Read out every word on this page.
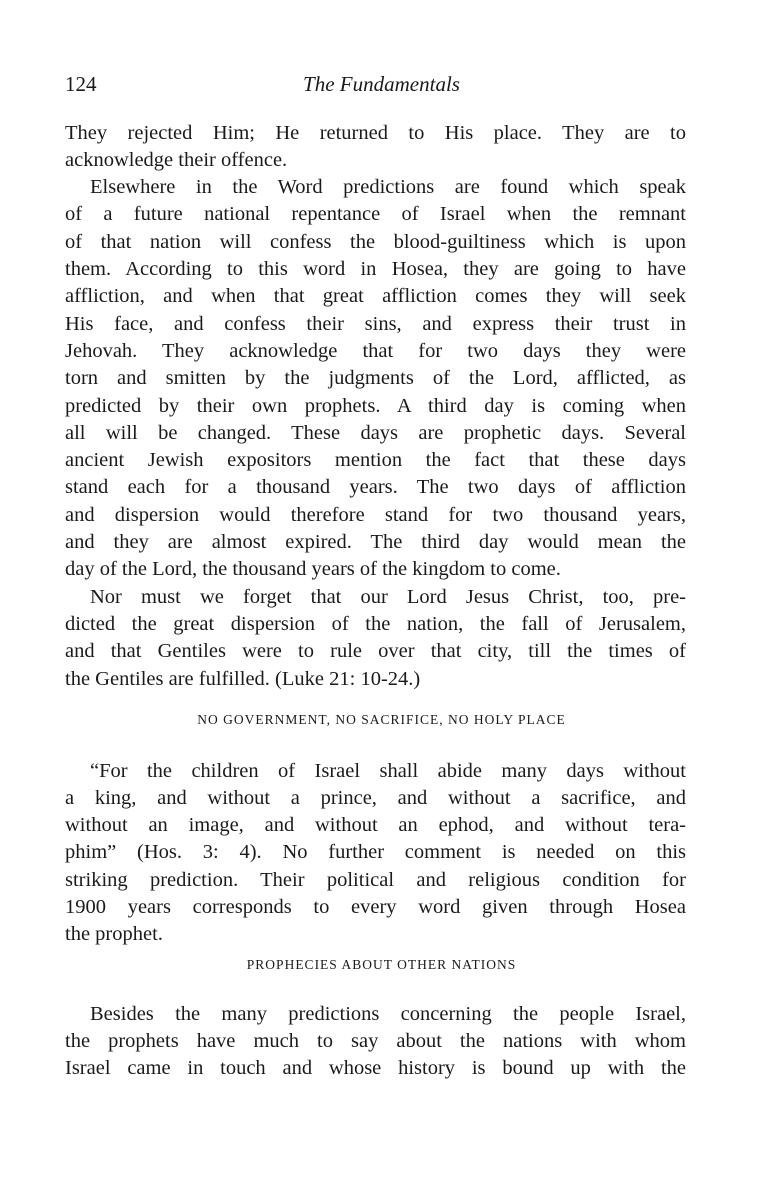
124	The Fundamentals
They rejected Him; He returned to His place. They are to
acknowledge their offence.
Elsewhere in the Word predictions are found which speak
of a future national repentance of Israel when the remnant
of that nation will confess the blood-guiltiness which is upon
them. According to this word in Hosea, they are going to have
affliction, and when that great affliction comes they will seek
His face, and confess their sins, and express their trust in
Jehovah. They acknowledge that for two days they were
torn and smitten by the judgments of the Lord, afflicted, as
predicted by their own prophets. A third day is coming when
all will be changed. These days are prophetic days. Several
ancient Jewish expositors mention the fact that these days
stand each for a thousand years. The two days of affliction
and dispersion would therefore stand for two thousand years,
and they are almost expired. The third day would mean the
day of the Lord, the thousand years of the kingdom to come.
Nor must we forget that our Lord Jesus Christ, too, pre-
dicted the great dispersion of the nation, the fall of Jerusalem,
and that Gentiles were to rule over that city, till the times of
the Gentiles are fulfilled. (Luke 21: 10-24.)
NO GOVERNMENT, NO SACRIFICE, NO HOLY PLACE
“For the children of Israel shall abide many days without
a king, and without a prince, and without a sacrifice, and
without an image, and without an ephod, and without tera-
phim” (Hos. 3: 4). No further comment is needed on this
striking prediction. Their political and religious condition for
1900 years corresponds to every word given through Hosea
the prophet.
PROPHECIES ABOUT OTHER NATIONS
Besides the many predictions concerning the people Israel,
the prophets have much to say about the nations with whom
Israel came in touch and whose history is bound up with the
